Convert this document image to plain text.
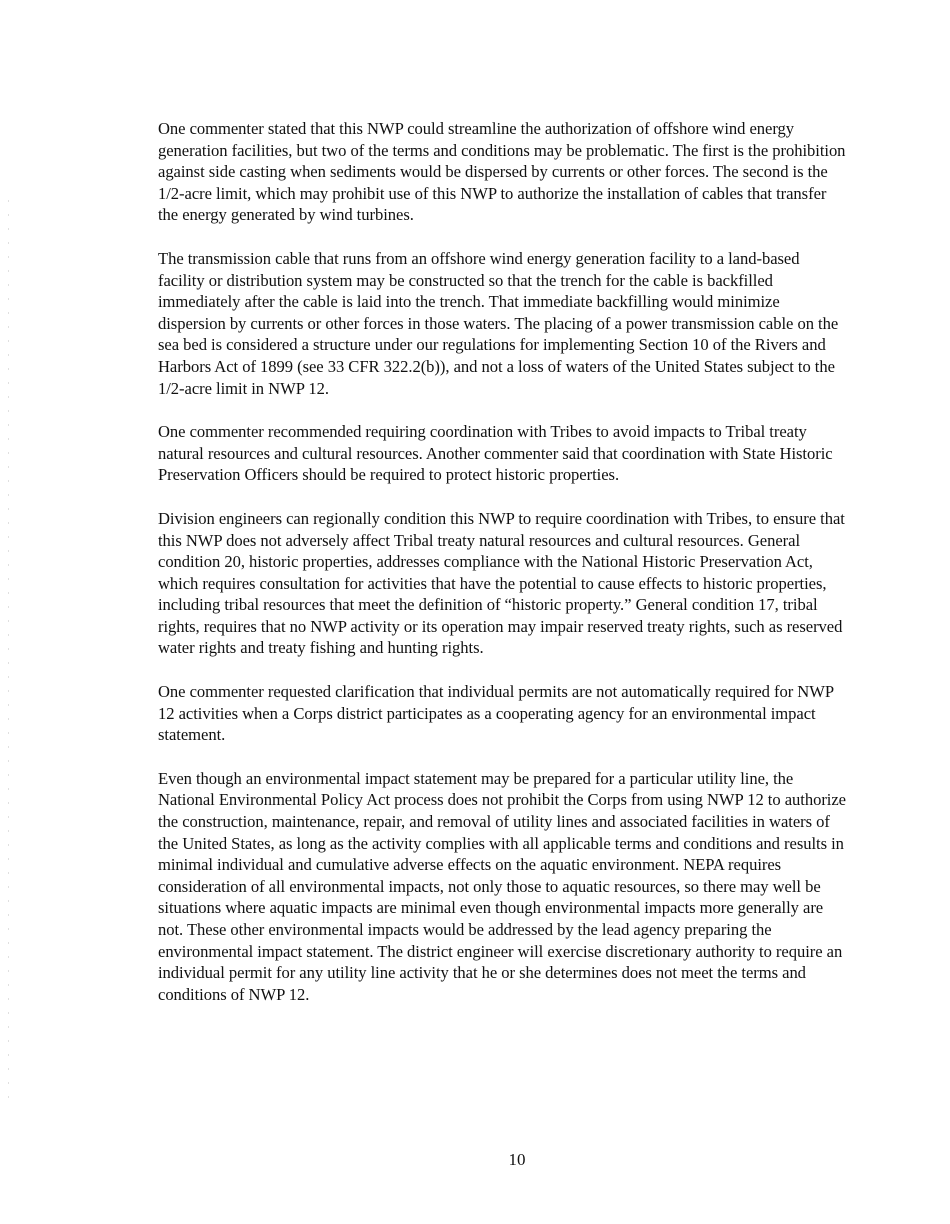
One commenter stated that this NWP could streamline the authorization of offshore wind energy generation facilities, but two of the terms and conditions may be problematic. The first is the prohibition against side casting when sediments would be dispersed by currents or other forces. The second is the 1/2-acre limit, which may prohibit use of this NWP to authorize the installation of cables that transfer the energy generated by wind turbines.

The transmission cable that runs from an offshore wind energy generation facility to a land-based facility or distribution system may be constructed so that the trench for the cable is backfilled immediately after the cable is laid into the trench. That immediate backfilling would minimize dispersion by currents or other forces in those waters. The placing of a power transmission cable on the sea bed is considered a structure under our regulations for implementing Section 10 of the Rivers and Harbors Act of 1899 (see 33 CFR 322.2(b)), and not a loss of waters of the United States subject to the 1/2-acre limit in NWP 12.

One commenter recommended requiring coordination with Tribes to avoid impacts to Tribal treaty natural resources and cultural resources. Another commenter said that coordination with State Historic Preservation Officers should be required to protect historic properties.

Division engineers can regionally condition this NWP to require coordination with Tribes, to ensure that this NWP does not adversely affect Tribal treaty natural resources and cultural resources. General condition 20, historic properties, addresses compliance with the National Historic Preservation Act, which requires consultation for activities that have the potential to cause effects to historic properties, including tribal resources that meet the definition of “historic property.” General condition 17, tribal rights, requires that no NWP activity or its operation may impair reserved treaty rights, such as reserved water rights and treaty fishing and hunting rights.

One commenter requested clarification that individual permits are not automatically required for NWP 12 activities when a Corps district participates as a cooperating agency for an environmental impact statement.

Even though an environmental impact statement may be prepared for a particular utility line, the National Environmental Policy Act process does not prohibit the Corps from using NWP 12 to authorize the construction, maintenance, repair, and removal of utility lines and associated facilities in waters of the United States, as long as the activity complies with all applicable terms and conditions and results in minimal individual and cumulative adverse effects on the aquatic environment. NEPA requires consideration of all environmental impacts, not only those to aquatic resources, so there may well be situations where aquatic impacts are minimal even though environmental impacts more generally are not. These other environmental impacts would be addressed by the lead agency preparing the environmental impact statement. The district engineer will exercise discretionary authority to require an individual permit for any utility line activity that he or she determines does not meet the terms and conditions of NWP 12.

10
